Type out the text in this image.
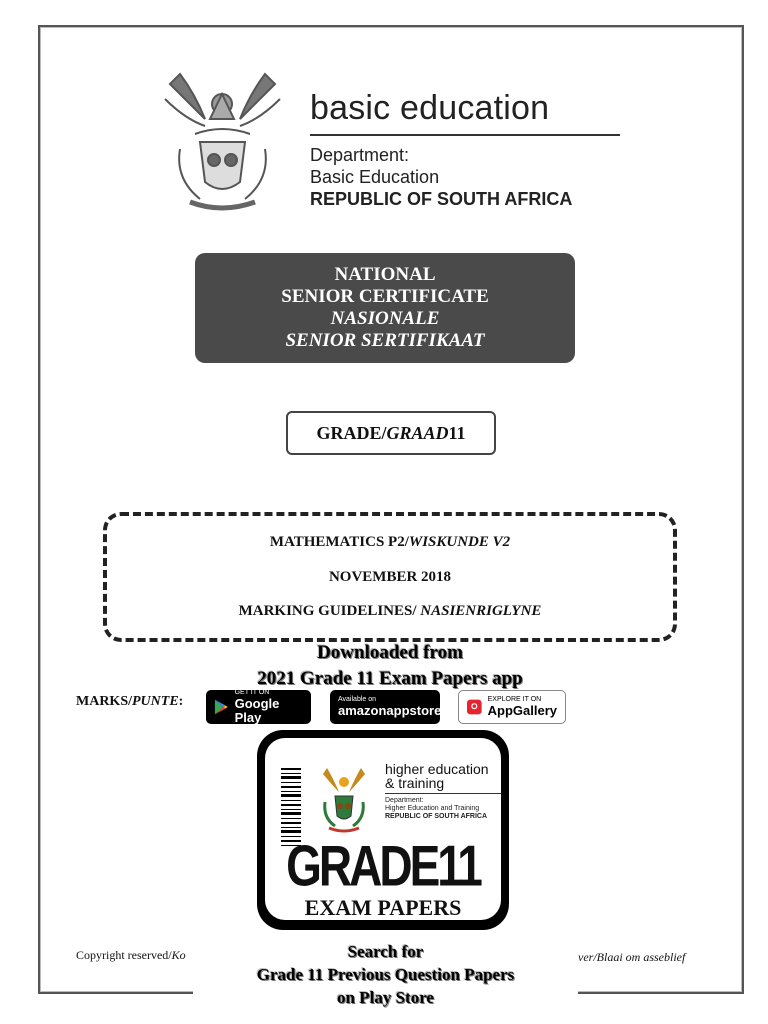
basic education
Department:
Basic Education
REPUBLIC OF SOUTH AFRICA
NATIONAL
SENIOR CERTIFICATE
NASIONALE
SENIOR SERTIFIKAAT
GRADE/ GRAAD 11
MATHEMATICS P2/WISKUNDE V2
NOVEMBER 2018
MARKING GUIDELINES/ NASIENRIGLYNE
Downloaded from
2021 Grade 11 Exam Papers app
MARKS/PUNTE:
GET IT ON
Google Play
Available on
amazonappstore
EXPLORE IT ON
AppGallery
higher education
& training
Department:
Higher Education and Training
REPUBLIC OF SOUTH AFRICA
GRADE11
EXAM PAPERS
Copyright reserved/Ko	ver/Blaai om asseblief
Search for
Grade 11 Previous Question Papers
on Play Store
